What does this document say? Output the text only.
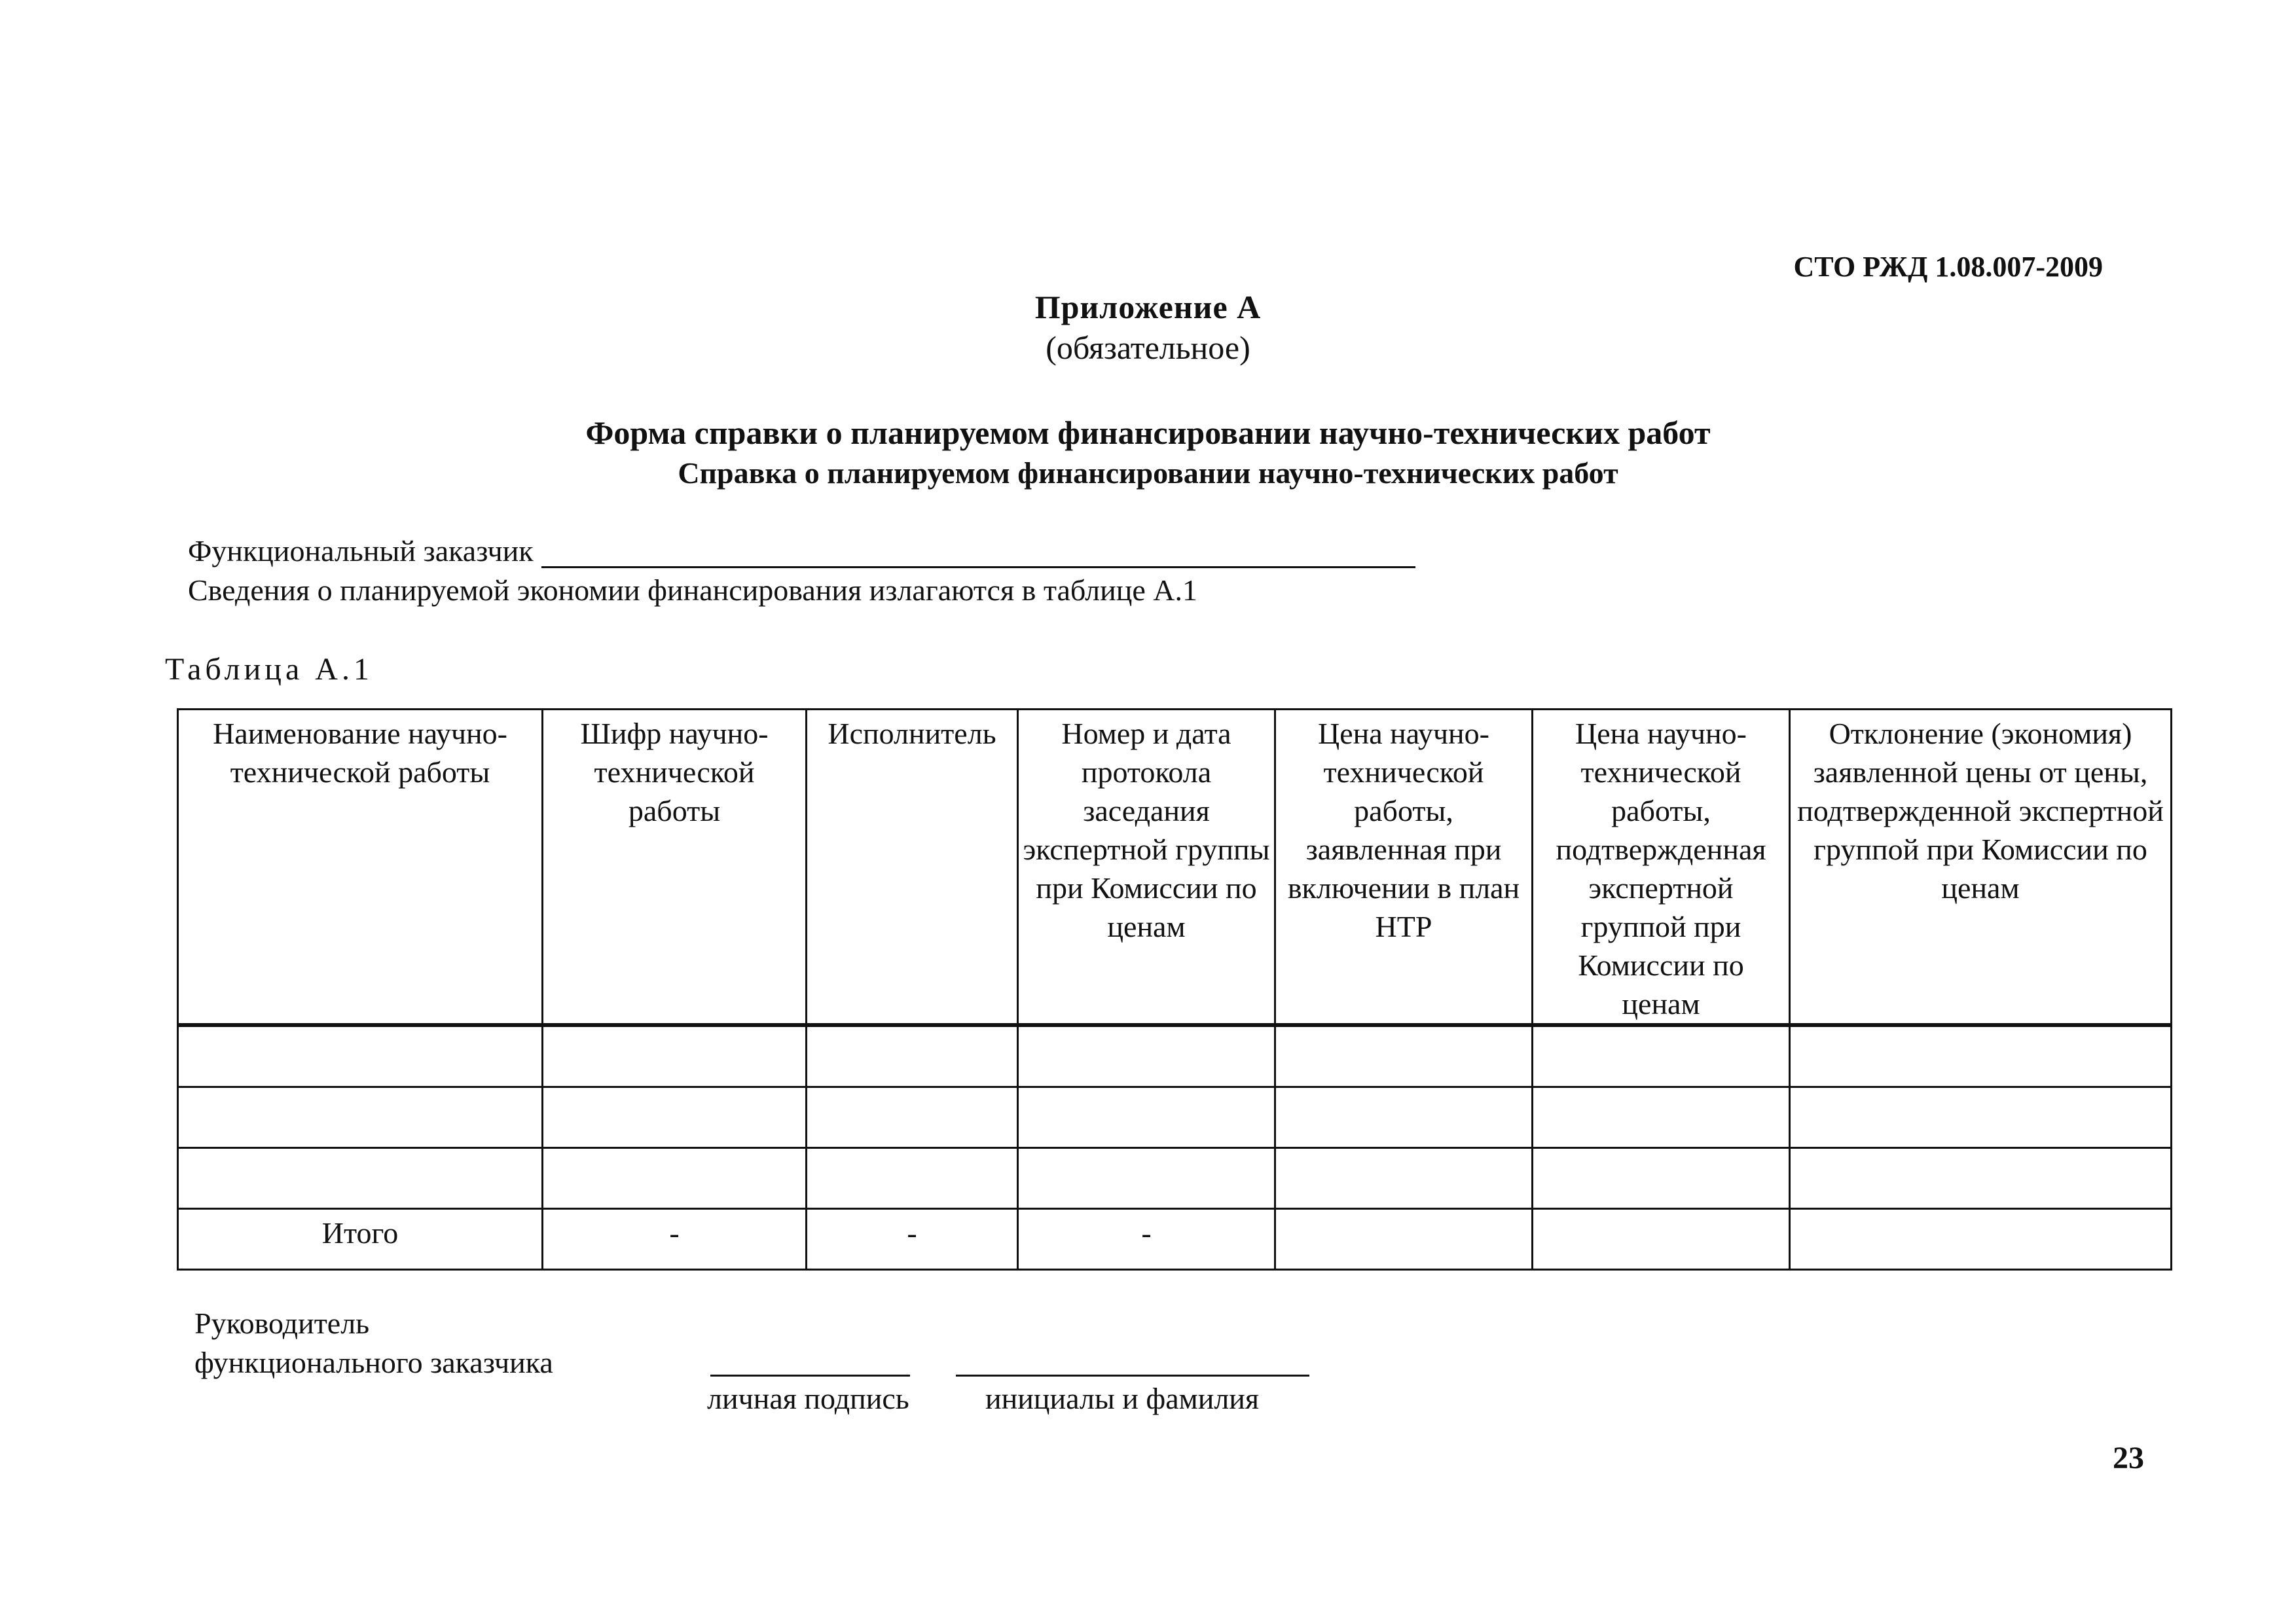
СТО РЖД 1.08.007-2009
Приложение А
(обязательное)
Форма справки о планируемом финансировании научно-технических работ
Справка о планируемом финансировании научно-технических работ
Функциональный заказчик
Сведения о планируемой экономии финансирования излагаются в таблице А.1
Таблица А.1
Наименование научно-технической работы	Шифр научно-технической работы	Исполнитель	Номер и дата протокола заседания экспертной группы при Комиссии по ценам	Цена научно-технической работы, заявленная при включении в план НТР	Цена научно-технической работы, подтвержденная экспертной группой при Комиссии по ценам	Отклонение (экономия) заявленной цены от цены, подтвержденной экспертной группой при Комиссии по ценам

Итого	-	-	-			
Руководитель
функционального заказчика
личная подпись	инициалы и фамилия
23
